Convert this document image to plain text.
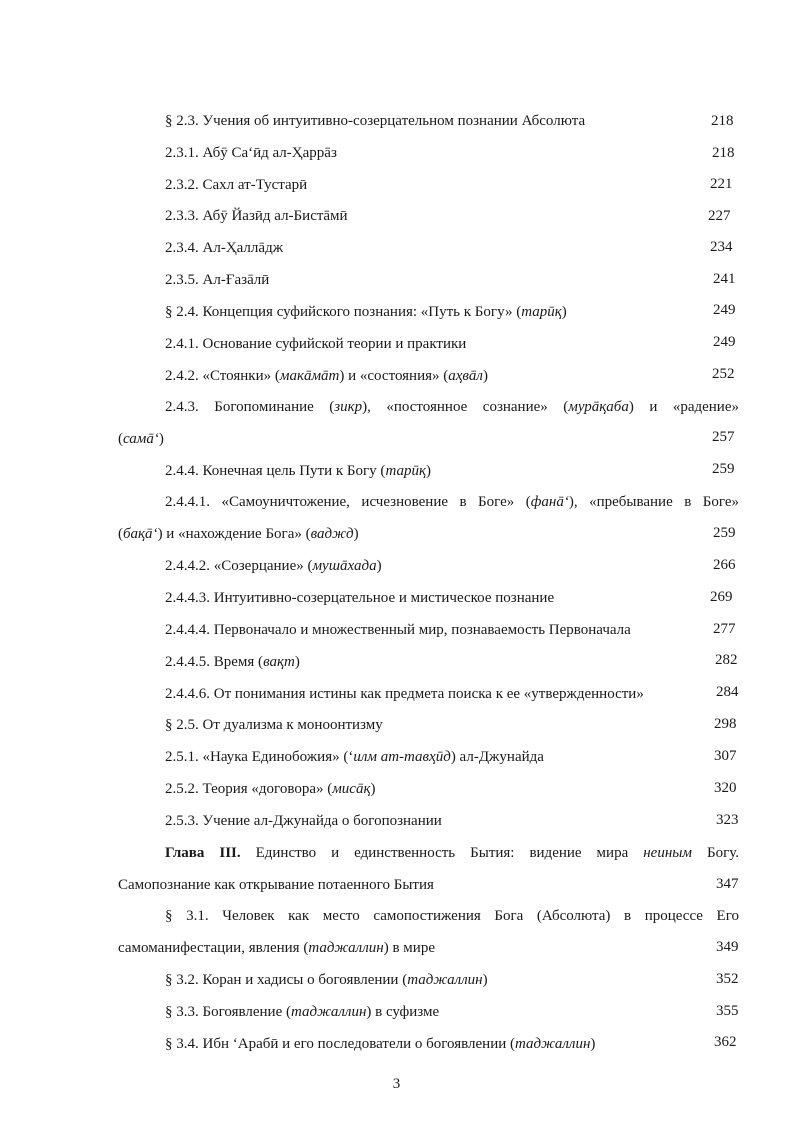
§ 2.3. Учения об интуитивно-созерцательном познании Абсолюта	218
2.3.1. Абӯ Са‘ӣд ал-Ҳаррāз	218
2.3.2. Сахл ат-Тустарӣ	221
2.3.3. Абӯ Йазӣд ал-Бистāмӣ	227
2.3.4. Ал-Ҳаллāдж	234
2.3.5. Ал-Ғазāлӣ	241
§ 2.4. Концепция суфийского познания: «Путь к Богу» (тарӣқ)	249
2.4.1. Основание суфийской теории и практики	249
2.4.2. «Стоянки» (макāмāт) и «состояния» (аҳвāл)	252
2.4.3. Богопоминание (зикр), «постоянное сознание» (мурāқаба) и «радение»
(самā‘)	257
2.4.4. Конечная цель Пути к Богу (тарӣқ)	259
2.4.4.1. «Самоуничтожение, исчезновение в Боге» (фанā‘), «пребывание в Боге»
(бақā‘) и «нахождение Бога» (ваджд)	259
2.4.4.2. «Созерцание» (мушāхада)	266
2.4.4.3. Интуитивно-созерцательное и мистическое познание	269
2.4.4.4. Первоначало и множественный мир, познаваемость Первоначала	277
2.4.4.5. Время (вақт)	282
2.4.4.6. От понимания истины как предмета поиска к ее «утвержденности»	284
§ 2.5. От дуализма к моноонтизму	298
2.5.1. «Наука Единобожия» (‘илм ат-тавҳӣд) ал-Джунайда	307
2.5.2. Теория «договора» (мисāқ)	320
2.5.3. Учение ал-Джунайда о богопознании	323
Глава III. Единство и единственность Бытия: видение мира неиным Богу.
Самопознание как открывание потаенного Бытия	347
§ 3.1. Человек как место самопостижения Бога (Абсолюта) в процессе Его
самоманифестации, явления (таджаллин) в мире	349
§ 3.2. Коран и хадисы о богоявлении (таджаллин)	352
§ 3.3. Богоявление (таджаллин) в суфизме	355
§ 3.4. Ибн ‘Арабӣ и его последователи о богоявлении (таджаллин)	362
3
